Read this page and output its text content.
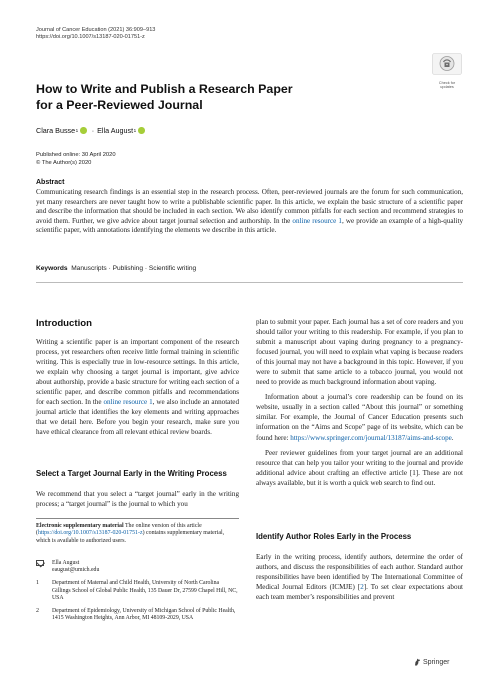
Journal of Cancer Education (2021) 36:909–913
https://doi.org/10.1007/s13187-020-01751-z
Check for updates
How to Write and Publish a Research Paper
for a Peer-Reviewed Journal
Clara Busse 1 · Ella August 1
Published online: 30 April 2020
© The Author(s) 2020
Abstract
Communicating research findings is an essential step in the research process. Often, peer-reviewed journals are the forum for such communication, yet many researchers are never taught how to write a publishable scientific paper. In this article, we explain the basic structure of a scientific paper and describe the information that should be included in each section. We also identify common pitfalls for each section and recommend strategies to avoid them. Further, we give advice about target journal selection and authorship. In the online resource 1, we provide an example of a high-quality scientific paper, with annotations identifying the elements we describe in this article.
Keywords Manuscripts · Publishing · Scientific writing
Introduction

Writing a scientific paper is an important component of the research process, yet researchers often receive little formal training in scientific writing. This is especially true in low-resource settings. In this article, we explain why choosing a target journal is important, give advice about authorship, provide a basic structure for writing each section of a scientific paper, and describe common pitfalls and recommendations for each section. In the online resource 1, we also include an annotated journal article that identifies the key elements and writing approaches that we detail here. Before you begin your research, make sure you have ethical clearance from all relevant ethical review boards.

Select a Target Journal Early in the Writing Process

We recommend that you select a “target journal” early in the writing process; a “target journal” is the journal to which you

Electronic supplementary material The online version of this article (https://doi.org/10.1007/s13187-020-01751-z) contains supplementary material, which is available to authorized users.
Ella August
eaugust@umich.edu
1	Department of Maternal and Child Health, University of North Carolina Gillings School of Global Public Health, 135 Dauer Dr, 27599 Chapel Hill, NC, USA
2	Department of Epidemiology, University of Michigan School of Public Health, 1415 Washington Heights, Ann Arbor, MI 48109-2029, USA

plan to submit your paper. Each journal has a set of core readers and you should tailor your writing to this readership. For example, if you plan to submit a manuscript about vaping during pregnancy to a pregnancy-focused journal, you will need to explain what vaping is because readers of this journal may not have a background in this topic. However, if you were to submit that same article to a tobacco journal, you would not need to provide as much background information about vaping.

Information about a journal’s core readership can be found on its website, usually in a section called “About this journal” or something similar. For example, the Journal of Cancer Education presents such information on the “Aims and Scope” page of its website, which can be found here: https://www.springer.com/journal/13187/aims-and-scope.

Peer reviewer guidelines from your target journal are an additional resource that can help you tailor your writing to the journal and provide additional advice about crafting an effective article [1]. These are not always available, but it is worth a quick web search to find out.

Identify Author Roles Early in the Process

Early in the writing process, identify authors, determine the order of authors, and discuss the responsibilities of each author. Standard author responsibilities have been identified by The International Committee of Medical Journal Editors (ICMJE) [2]. To set clear expectations about each team member’s responsibilities and prevent

Springer
